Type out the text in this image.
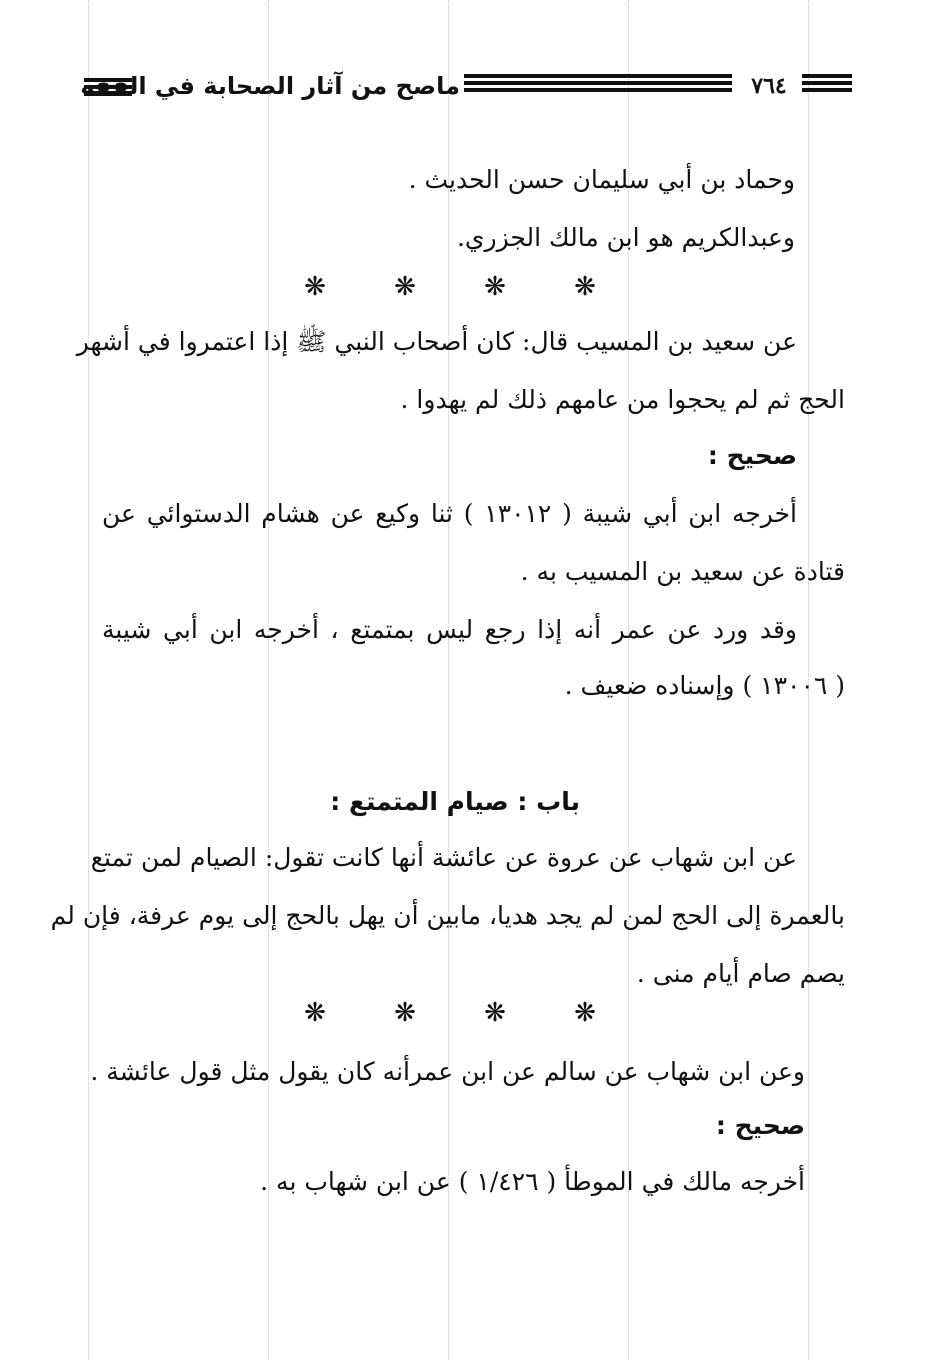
ماصح من آثار الصحابة في الفقه	٧٦٤
وحماد بن أبي سليمان حسن الحديث .
وعبدالكريم هو ابن مالك الجزري.
❋	❋	❋	❋
عن سعيد بن المسيب قال: كان أصحاب النبي ﷺ إذا اعتمروا في أشهر
الحج ثم لم يحجوا من عامهم ذلك لم يهدوا .
صحيح :
أخرجه ابن أبي شيبة ( ١٣٠١٢ ) ثنا وكيع عن هشام الدستوائي عن
قتادة عن سعيد بن المسيب به .
وقد ورد عن عمر أنه إذا رجع ليس بمتمتع ، أخرجه ابن أبي شيبة
( ١٣٠٠٦ ) وإسناده ضعيف .
باب : صيام المتمتع :
عن ابن شهاب عن عروة عن عائشة أنها كانت تقول: الصيام لمن تمتع
بالعمرة إلى الحج لمن لم يجد هديا، مابين أن يهل بالحج إلى يوم عرفة، فإن لم
يصم صام أيام منى .
❋	❋	❋	❋
وعن ابن شهاب عن سالم عن ابن عمرأنه كان يقول مثل قول عائشة .
صحيح :
أخرجه مالك في الموطأ ( ١/٤٢٦ ) عن ابن شهاب به .
